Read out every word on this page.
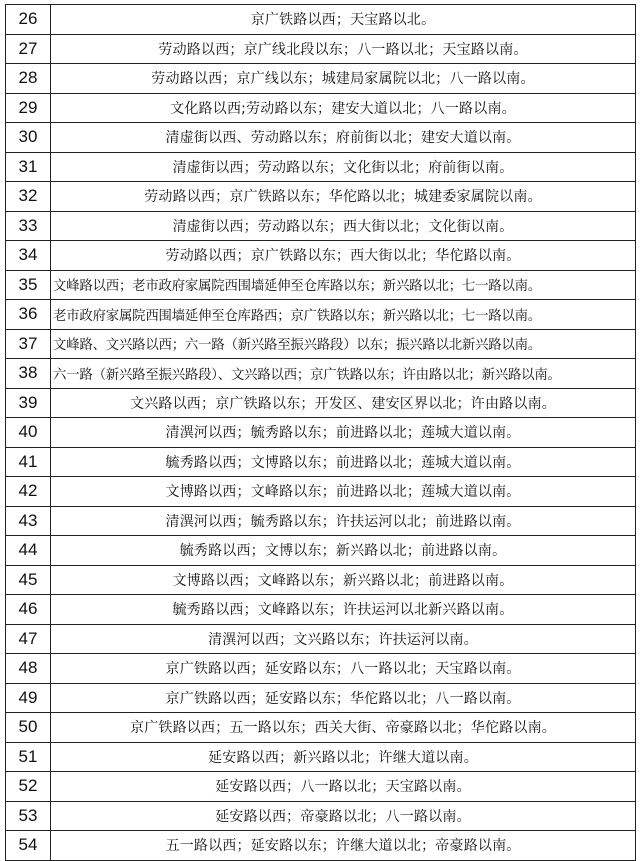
26	京广铁路以西；天宝路以北。
27	劳动路以西；京广线北段以东；八一路以北；天宝路以南。
28	劳动路以西；京广线以东；城建局家属院以北；八一路以南。
29	文化路以西;劳动路以东；建安大道以北；八一路以南。
30	清虚街以西、劳动路以东；府前街以北；建安大道以南。
31	清虚街以西；劳动路以东；文化街以北；府前街以南。
32	劳动路以西；京广铁路以东；华佗路以北；城建委家属院以南。
33	清虚街以西；劳动路以东；西大街以北；文化街以南。
34	劳动路以西；京广铁路以东；西大街以北；华佗路以南。
35	文峰路以西；老市政府家属院西围墙延伸至仓库路以东；新兴路以北；七一路以南。
36	老市政府家属院西围墙延伸至仓库路西；京广铁路以东；新兴路以北；七一路以南。
37	文峰路、文兴路以西；六一路（新兴路至振兴路段）以东；振兴路以北新兴路以南。
38	六一路（新兴路至振兴路段）、文兴路以西；京广铁路以东；许由路以北；新兴路以南。
39	文兴路以西；京广铁路以东；开发区、建安区界以北；许由路以南。
40	清潩河以西；毓秀路以东；前进路以北；莲城大道以南。
41	毓秀路以西；文博路以东；前进路以北；莲城大道以南。
42	文博路以西；文峰路以东；前进路以北；莲城大道以南。
43	清潩河以西；毓秀路以东；许扶运河以北；前进路以南。
44	毓秀路以西；文博以东；新兴路以北；前进路以南。
45	文博路以西；文峰路以东；新兴路以北；前进路以南。
46	毓秀路以西；文峰路以东；许扶运河以北新兴路以南。
47	清潩河以西；文兴路以东；许扶运河以南。
48	京广铁路以西；延安路以东；八一路以北；天宝路以南。
49	京广铁路以西；延安路以东；华佗路以北；八一路以南。
50	京广铁路以西；五一路以东；西关大街、帝豪路以北；华佗路以南。
51	延安路以西；新兴路以北；许继大道以南。
52	延安路以西；八一路以北；天宝路以南。
53	延安路以西；帝豪路以北；八一路以南。
54	五一路以西；延安路以东；许继大道以北；帝豪路以南。
